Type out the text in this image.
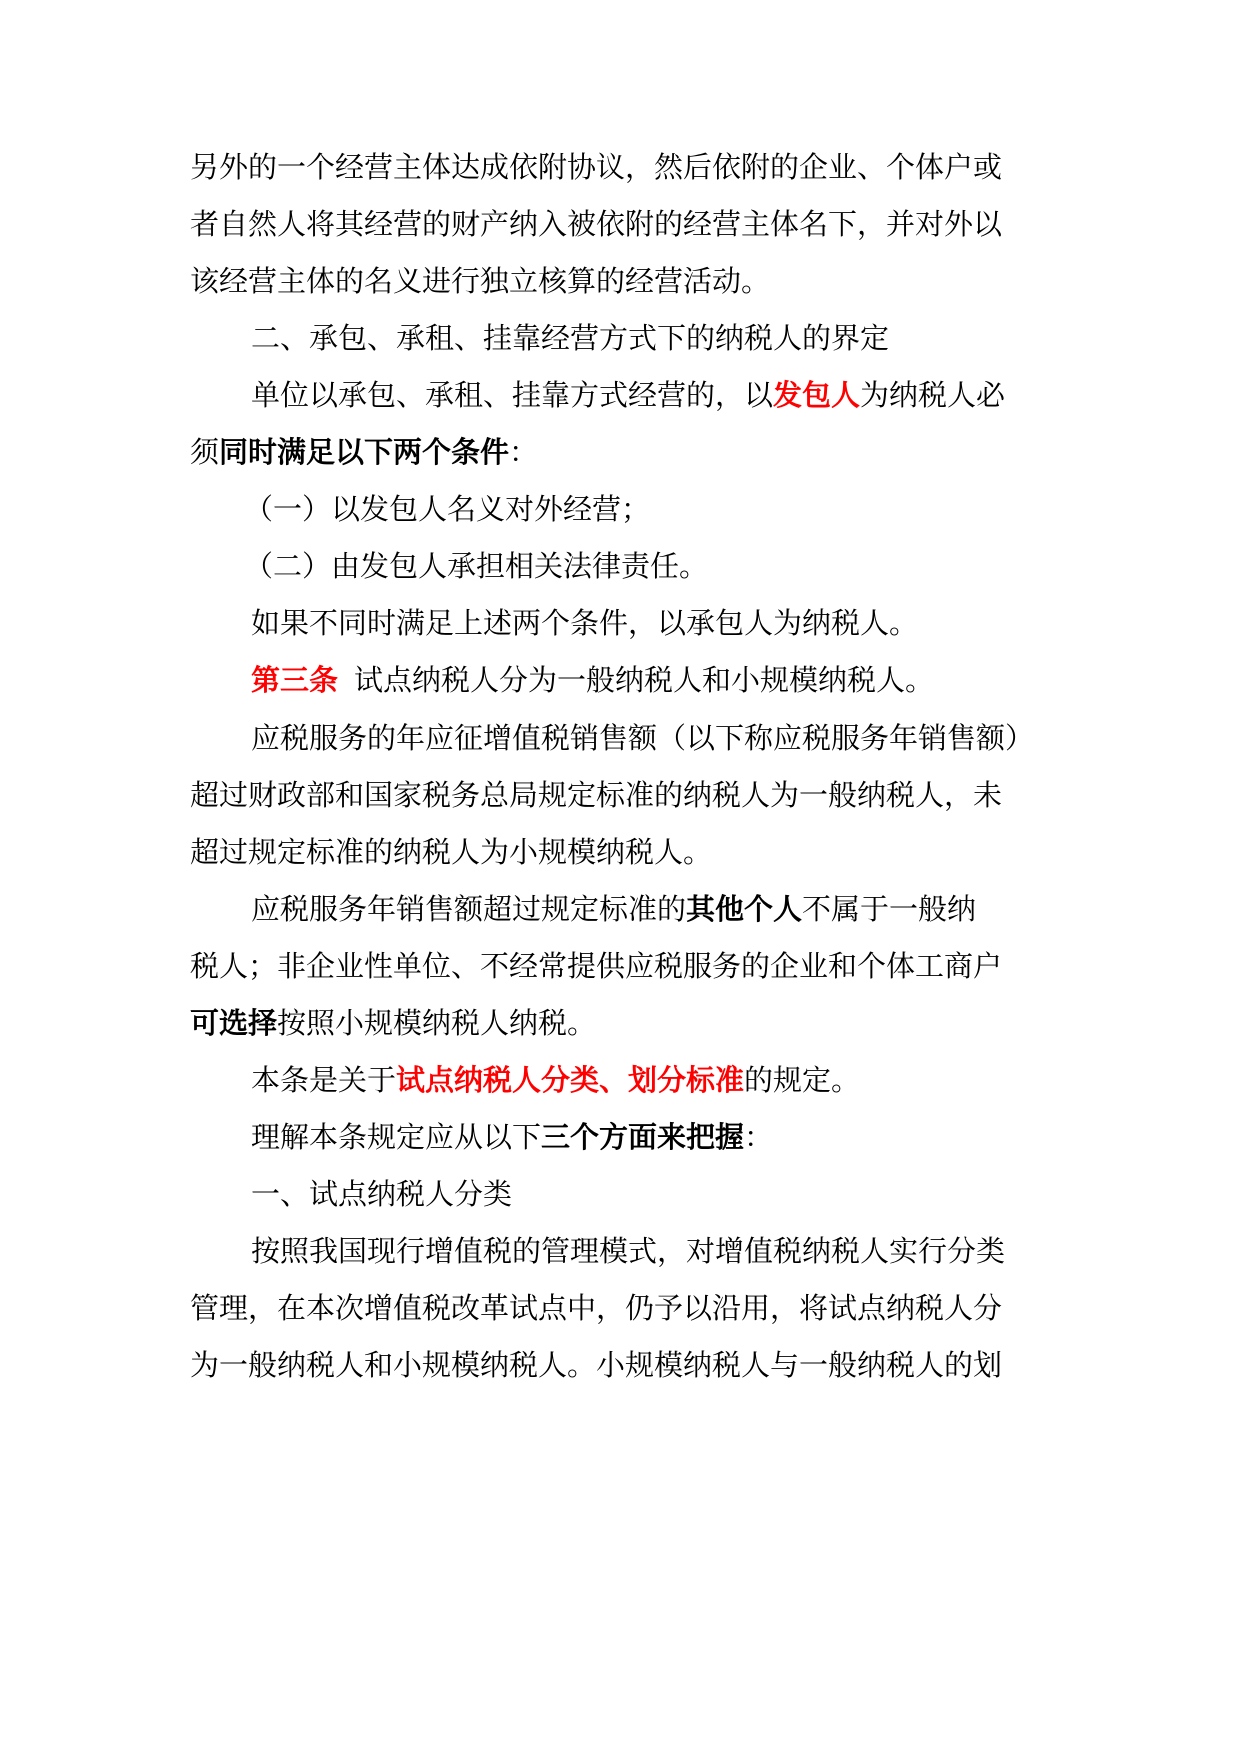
另外的一个经营主体达成依附协议，然后依附的企业、个体户或
者自然人将其经营的财产纳入被依附的经营主体名下，并对外以
该经营主体的名义进行独立核算的经营活动。
二、承包、承租、挂靠经营方式下的纳税人的界定
单位以承包、承租、挂靠方式经营的，以发包人为纳税人必
须同时满足以下两个条件：
（一）以发包人名义对外经营；
（二）由发包人承担相关法律责任。
如果不同时满足上述两个条件，以承包人为纳税人。
第三条 试点纳税人分为一般纳税人和小规模纳税人。
应税服务的年应征增值税销售额（以下称应税服务年销售额）
超过财政部和国家税务总局规定标准的纳税人为一般纳税人，未
超过规定标准的纳税人为小规模纳税人。
应税服务年销售额超过规定标准的其他个人不属于一般纳
税人；非企业性单位、不经常提供应税服务的企业和个体工商户
可选择按照小规模纳税人纳税。
本条是关于试点纳税人分类、划分标准的规定。
理解本条规定应从以下三个方面来把握：
一、试点纳税人分类
按照我国现行增值税的管理模式，对增值税纳税人实行分类
管理，在本次增值税改革试点中，仍予以沿用，将试点纳税人分
为一般纳税人和小规模纳税人。小规模纳税人与一般纳税人的划
